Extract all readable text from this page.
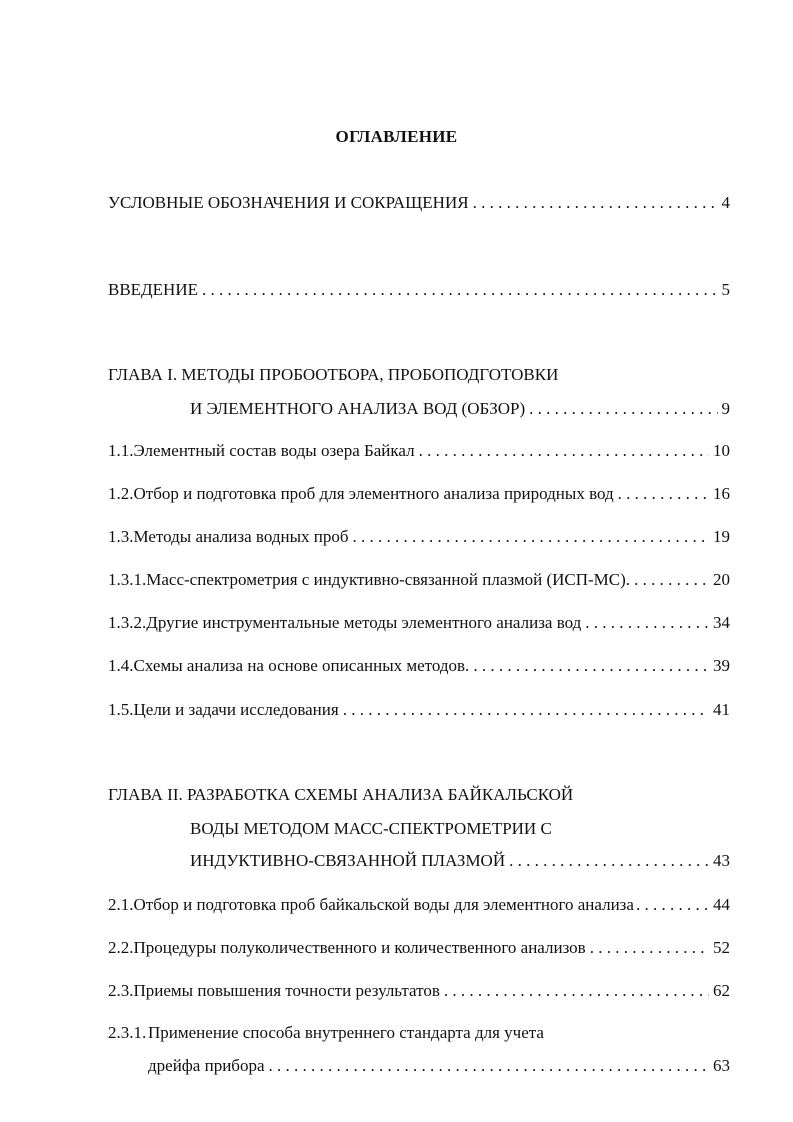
ОГЛАВЛЕНИЕ
УСЛОВНЫЕ ОБОЗНАЧЕНИЯ И СОКРАЩЕНИЯ . . .	4
ВВЕДЕНИЕ . . .	5
ГЛАВА I. МЕТОДЫ ПРОБООТБОРА, ПРОБОПОДГОТОВКИ
И ЭЛЕМЕНТНОГО АНАЛИЗА ВОД (ОБЗОР) . . .	9
1.1. Элементный состав воды озера Байкал . . .	10
1.2. Отбор и подготовка проб для элементного анализа природных вод . . .	16
1.3. Методы анализа водных проб . . .	19
1.3.1. Масс-спектрометрия с индуктивно-связанной плазмой (ИСП-МС). . . .	20
1.3.2. Другие инструментальные методы элементного анализа вод . . .	34
1.4. Схемы анализа на основе описанных методов. . . .	39
1.5. Цели и задачи исследования . . .	41
ГЛАВА II. РАЗРАБОТКА СХЕМЫ АНАЛИЗА БАЙКАЛЬСКОЙ
ВОДЫ МЕТОДОМ МАСС-СПЕКТРОМЕТРИИ С
ИНДУКТИВНО-СВЯЗАННОЙ ПЛАЗМОЙ . . .	43
2.1. Отбор и подготовка проб байкальской воды для элементного анализа . . .	44
2.2. Процедуры полуколичественного и количественного анализов . . .	52
2.3. Приемы повышения точности результатов . . .	62
2.3.1. Применение способа внутреннего стандарта для учета
дрейфа прибора . . .	63
